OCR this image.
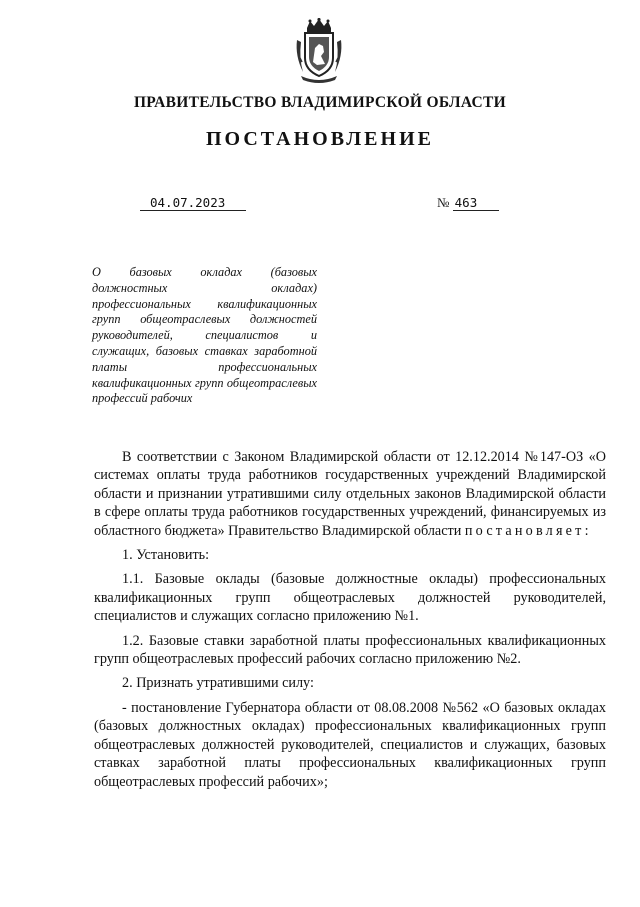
ПРАВИТЕЛЬСТВО ВЛАДИМИРСКОЙ ОБЛАСТИ
ПОСТАНОВЛЕНИЕ
04.07.2023	№ 463
О базовых окладах (базовых должностных окладах) профессиональных квалификационных групп общеотраслевых должностей руководителей, специалистов и служащих, базовых ставках заработной платы профессиональных квалификационных групп общеотраслевых профессий рабочих

В соответствии с Законом Владимирской области от 12.12.2014 №147-ОЗ «О системах оплаты труда работников государственных учреждений Владимирской области и признании утратившими силу отдельных законов Владимирской области в сфере оплаты труда работников государственных учреждений, финансируемых из областного бюджета» Правительство Владимирской области постановляет:

1. Установить:

1.1. Базовые оклады (базовые должностные оклады) профессиональных квалификационных групп общеотраслевых должностей руководителей, специалистов и служащих согласно приложению №1.

1.2. Базовые ставки заработной платы профессиональных квалификационных групп общеотраслевых профессий рабочих согласно приложению №2.

2. Признать утратившими силу:

- постановление Губернатора области от 08.08.2008 №562 «О базовых окладах (базовых должностных окладах) профессиональных квалификационных групп общеотраслевых должностей руководителей, специалистов и служащих, базовых ставках заработной платы профессиональных квалификационных групп общеотраслевых профессий рабочих»;
